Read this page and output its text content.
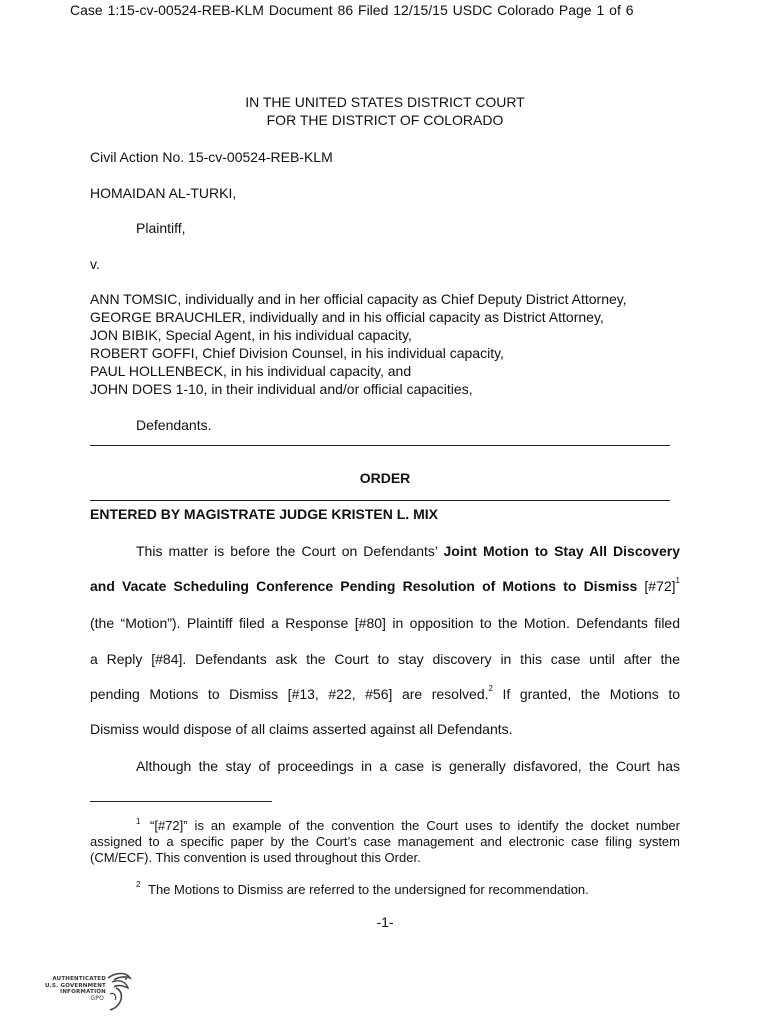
Case 1:15-cv-00524-REB-KLM Document 86 Filed 12/15/15 USDC Colorado Page 1 of 6
IN THE UNITED STATES DISTRICT COURT
FOR THE DISTRICT OF COLORADO
Civil Action No. 15-cv-00524-REB-KLM
HOMAIDAN AL-TURKI,
Plaintiff,
v.
ANN TOMSIC, individually and in her official capacity as Chief Deputy District Attorney,
GEORGE BRAUCHLER, individually and in his official capacity as District Attorney,
JON BIBIK, Special Agent, in his individual capacity,
ROBERT GOFFI, Chief Division Counsel, in his individual capacity,
PAUL HOLLENBECK, in his individual capacity, and
JOHN DOES 1-10, in their individual and/or official capacities,
Defendants.
ORDER
ENTERED BY MAGISTRATE JUDGE KRISTEN L. MIX
This matter is before the Court on Defendants’ Joint Motion to Stay All Discovery
and Vacate Scheduling Conference Pending Resolution of Motions to Dismiss [#72]$^1$
(the “Motion”). Plaintiff filed a Response [#80] in opposition to the Motion. Defendants filed
a Reply [#84]. Defendants ask the Court to stay discovery in this case until after the
pending Motions to Dismiss [#13, #22, #56] are resolved.$^2$ If granted, the Motions to
Dismiss would dispose of all claims asserted against all Defendants.
Although the stay of proceedings in a case is generally disfavored, the Court has
1 “[#72]” is an example of the convention the Court uses to identify the docket number
assigned to a specific paper by the Court’s case management and electronic case filing system
(CM/ECF). This convention is used throughout this Order.
2 The Motions to Dismiss are referred to the undersigned for recommendation.
-1-
AUTHENTICATED
U.S. GOVERNMENT
INFORMATION
GPO
